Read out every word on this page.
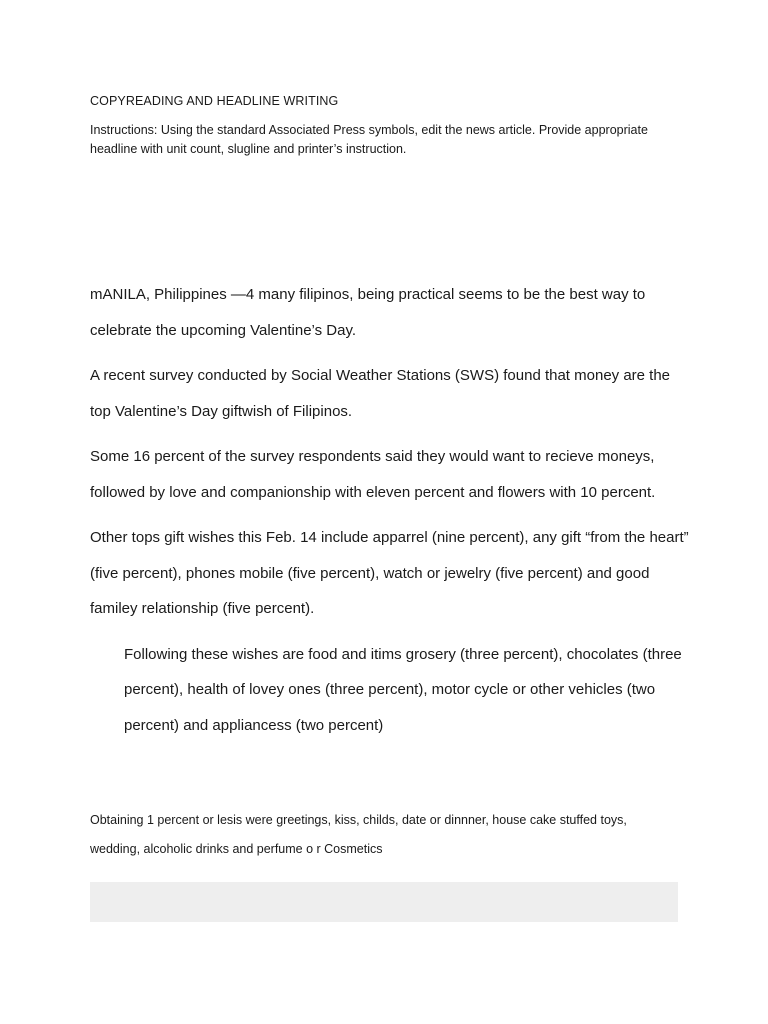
COPYREADING AND HEADLINE WRITING

Instructions: Using the standard Associated Press symbols, edit the news article. Provide appropriate headline with unit count, slugline and printer’s instruction.

mANILA, Philippines —4 many filipinos, being practical seems to be the best way to celebrate the upcoming Valentine’s Day.

A recent survey conducted by Social Weather Stations (SWS) found that money are the top Valentine’s Day giftwish of Filipinos.

Some 16 percent of the survey respondents said they would want to recieve moneys, followed by love and companionship with eleven percent and flowers with 10 percent.

Other tops gift wishes this Feb. 14 include apparrel (nine percent), any gift “from the heart” (five percent), phones mobile (five percent), watch or jewelry (five percent) and good familey relationship (five percent).

Following these wishes are food and itims grosery (three percent), chocolates (three percent), health of lovey ones (three percent), motor cycle or other vehicles (two percent) and appliancess (two percent)

Obtaining 1 percent or lesis were greetings, kiss, childs, date or dinnner, house cake stuffed toys, wedding, alcoholic drinks and perfume o r Cosmetics
